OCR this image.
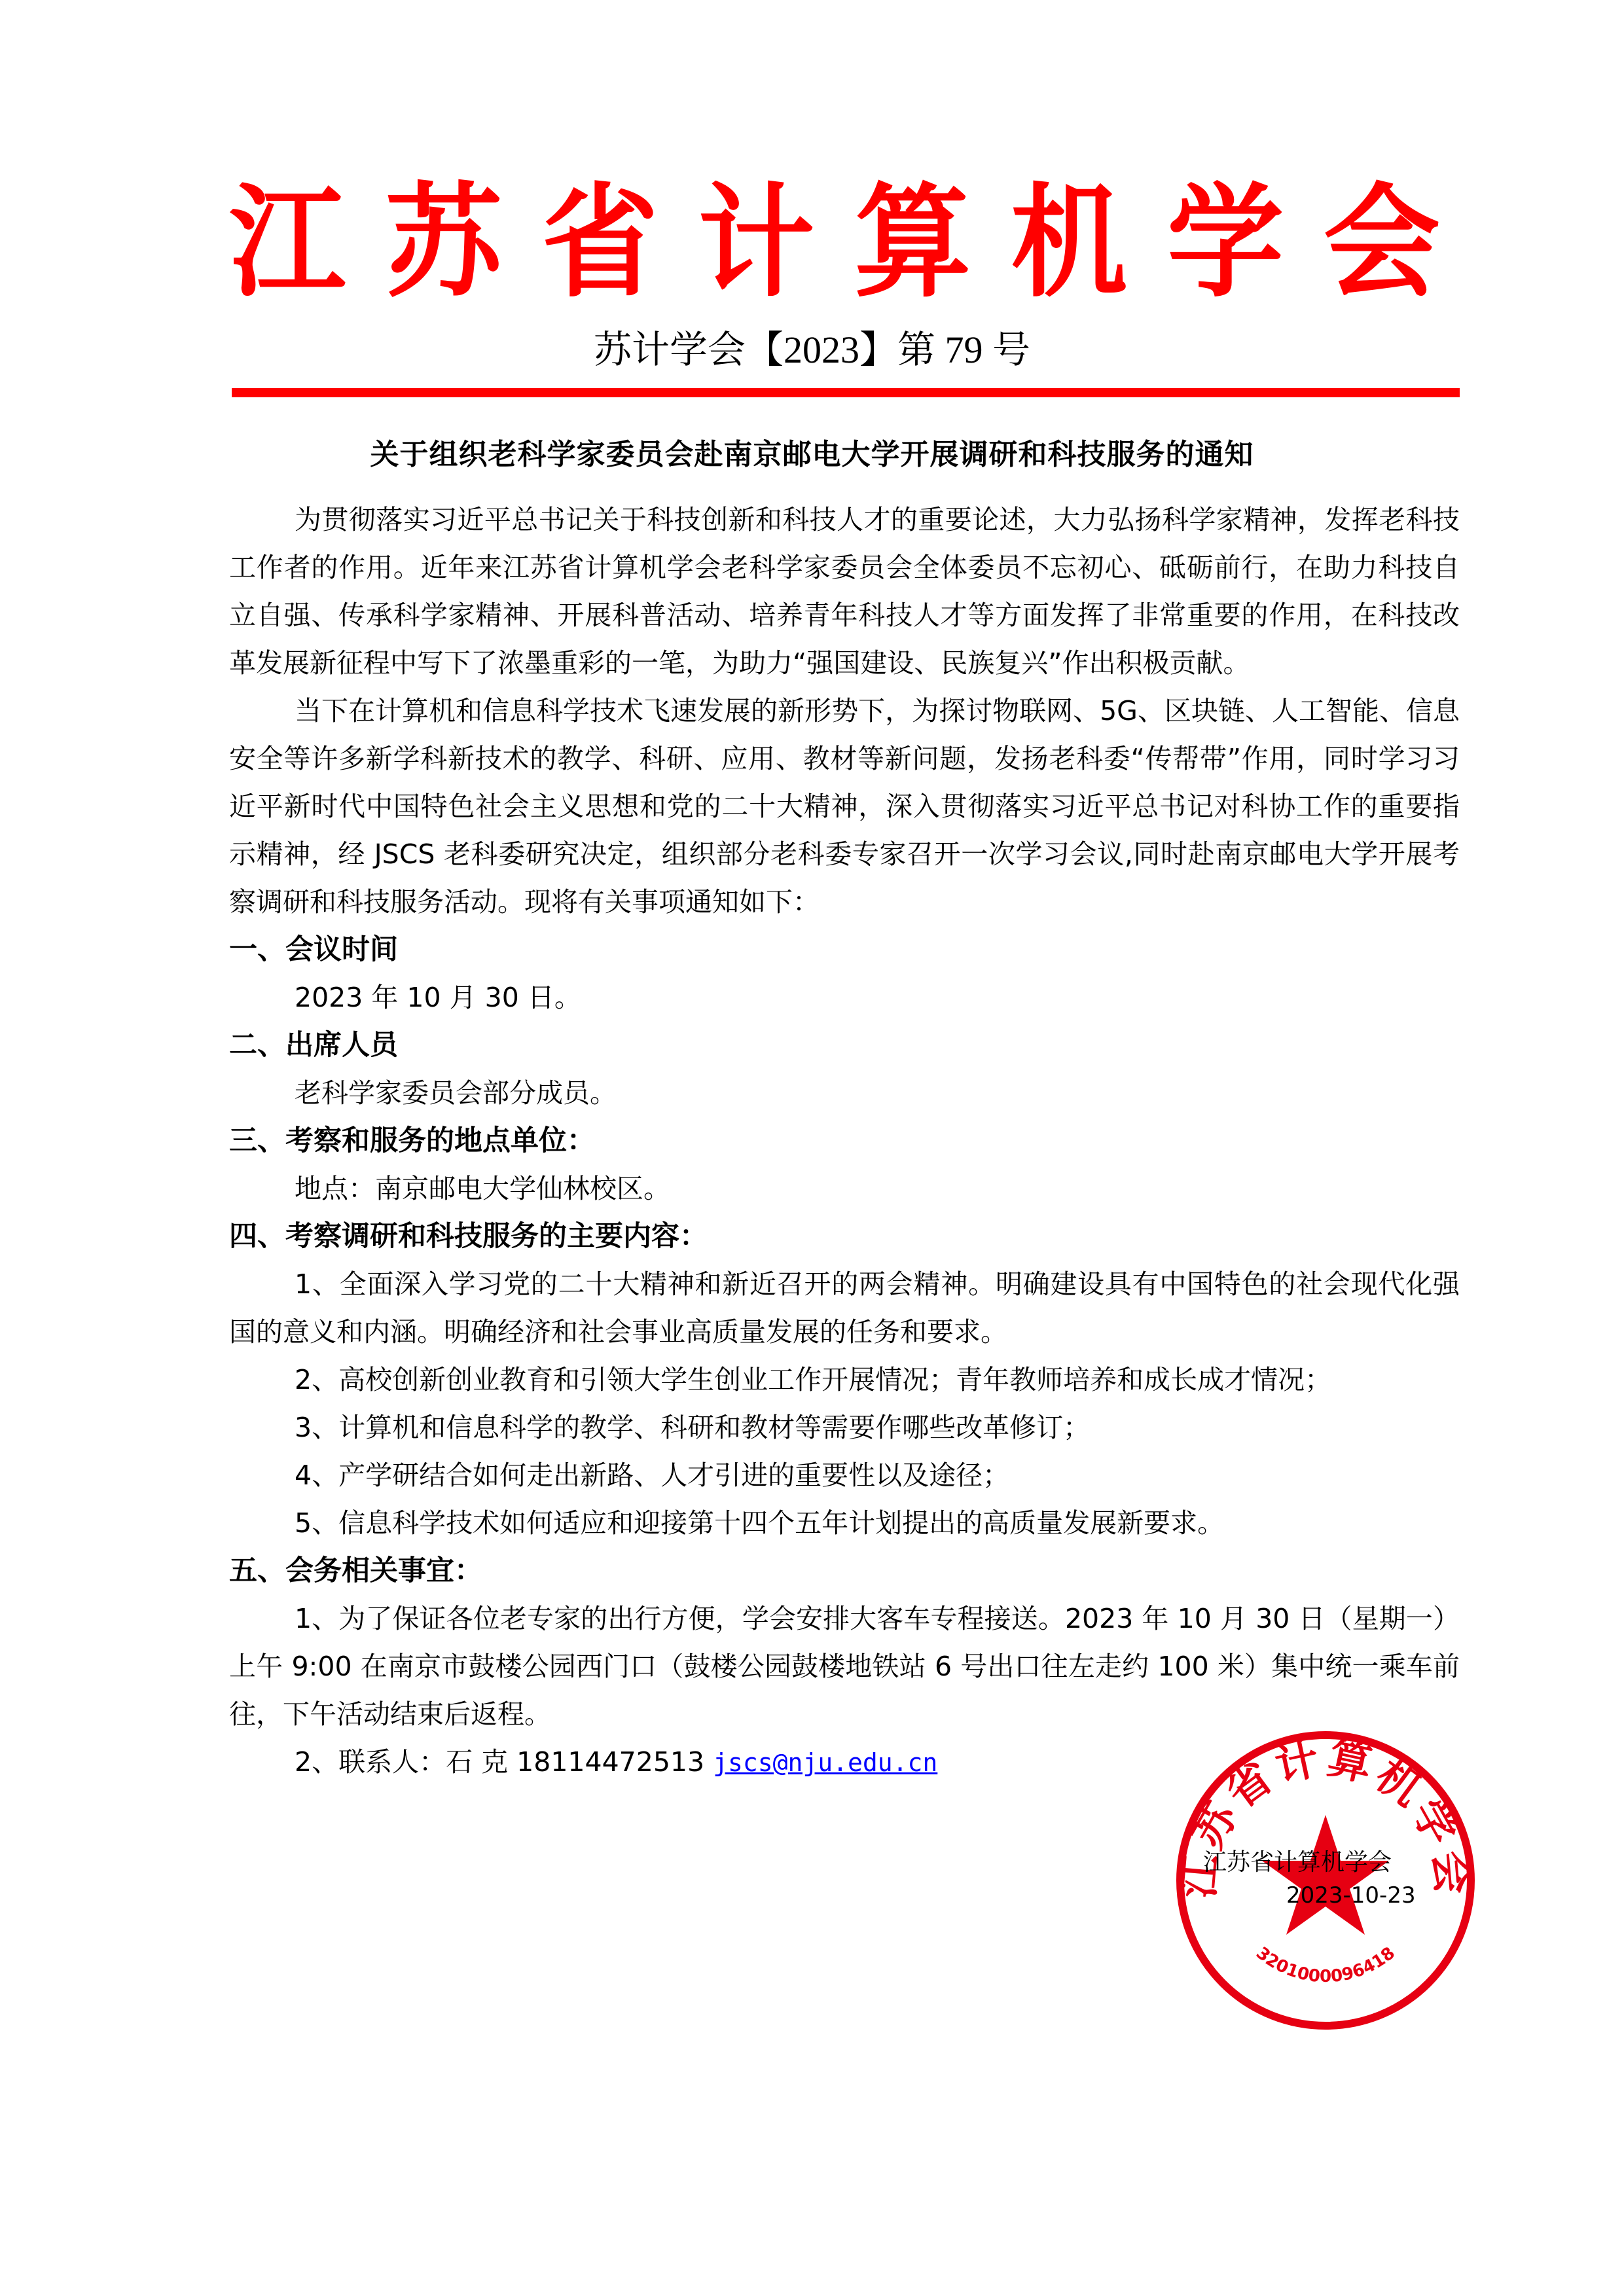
江 苏 省 计 算 机 学 会
苏计学会【2023】第 79 号
关于组织老科学家委员会赴南京邮电大学开展调研和科技服务的通知

为贯彻落实习近平总书记关于科技创新和科技人才的重要论述，大力弘扬科学家精神，发挥老科技工作者的作用。近年来江苏省计算机学会老科学家委员会全体委员不忘初心、砥砺前行，在助力科技自立自强、传承科学家精神、开展科普活动、培养青年科技人才等方面发挥了非常重要的作用，在科技改革发展新征程中写下了浓墨重彩的一笔，为助力“强国建设、民族复兴”作出积极贡献。

当下在计算机和信息科学技术飞速发展的新形势下，为探讨物联网、5G、区块链、人工智能、信息安全等许多新学科新技术的教学、科研、应用、教材等新问题，发扬老科委“传帮带”作用，同时学习习近平新时代中国特色社会主义思想和党的二十大精神，深入贯彻落实习近平总书记对科协工作的重要指示精神，经 JSCS 老科委研究决定，组织部分老科委专家召开一次学习会议,同时赴南京邮电大学开展考察调研和科技服务活动。现将有关事项通知如下：

一、会议时间

2023 年 10 月 30 日。

二、出席人员

老科学家委员会部分成员。

三、考察和服务的地点单位：

地点：南京邮电大学仙林校区。

四、考察调研和科技服务的主要内容：

1、全面深入学习党的二十大精神和新近召开的两会精神。明确建设具有中国特色的社会现代化强国的意义和内涵。明确经济和社会事业高质量发展的任务和要求。

2、高校创新创业教育和引领大学生创业工作开展情况；青年教师培养和成长成才情况；

3、计算机和信息科学的教学、科研和教材等需要作哪些改革修订；

4、产学研结合如何走出新路、人才引进的重要性以及途径；

5、信息科学技术如何适应和迎接第十四个五年计划提出的高质量发展新要求。

五、会务相关事宜：

1、为了保证各位老专家的出行方便，学会安排大客车专程接送。2023 年 10 月 30 日（星期一）上午 9:00 在南京市鼓楼公园西门口（鼓楼公园鼓楼地铁站 6 号出口往左走约 100 米）集中统一乘车前往，下午活动结束后返程。

2、联系人：石 克 18114472513 jscs@nju.edu.cn

江苏省计算机学会
3201000096418
江苏省计算机学会
2023-10-23
